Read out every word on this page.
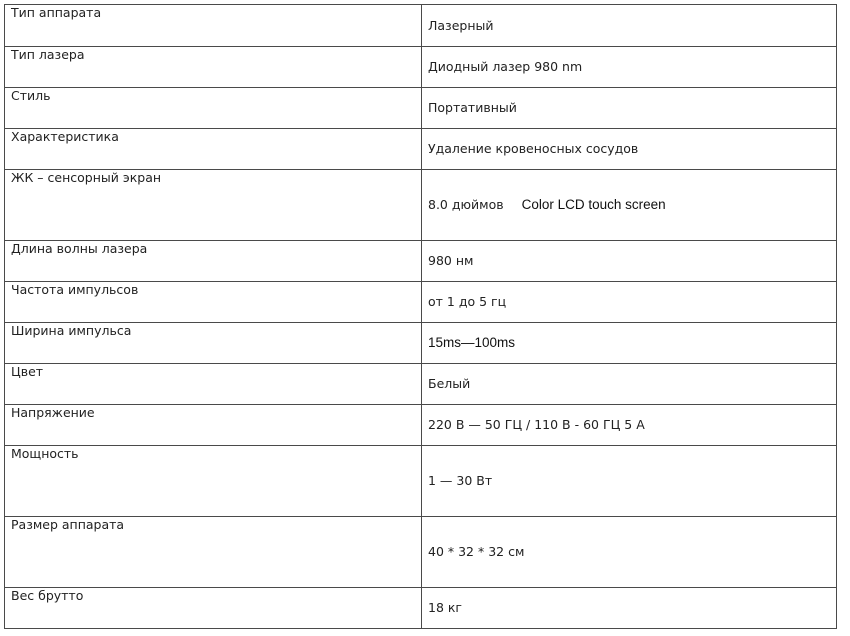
Тип аппарата	Лазерный
Тип лазера	Диодный лазер 980 nm
Стиль	Портативный
Характеристика	Удаление кровеносных сосудов
ЖК – сенсорный экран	8.0 дюймов Color LCD touch screen
Длина волны лазера	980 нм
Частота импульсов	от 1 до 5 гц
Ширина импульса	15ms—100ms
Цвет	Белый
Напряжение	220 В — 50 ГЦ / 110 В - 60 ГЦ 5 А
Мощность	1 — 30 Вт
Размер аппарата	40 * 32 * 32 см
Вес брутто	18 кг
